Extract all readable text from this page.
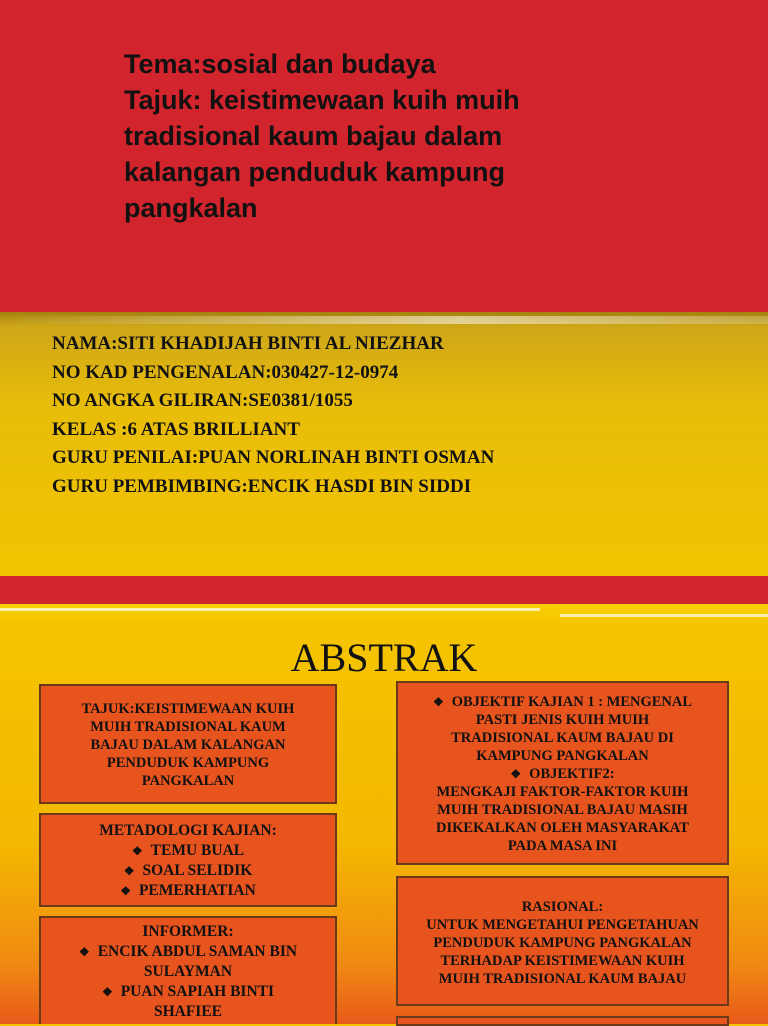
Tema:sosial dan budaya
Tajuk: keistimewaan kuih muih
tradisional kaum bajau dalam
kalangan penduduk kampung
pangkalan
NAMA:SITI KHADIJAH BINTI AL NIEZHAR
NO KAD PENGENALAN:030427-12-0974
NO ANGKA GILIRAN:SE0381/1055
KELAS :6 ATAS BRILLIANT
GURU PENILAI:PUAN NORLINAH BINTI OSMAN
GURU PEMBIMBING:ENCIK HASDI BIN SIDDI
ABSTRAK

TAJUK:KEISTIMEWAAN KUIH

MUIH TRADISIONAL KAUM

BAJAU DALAM KALANGAN

PENDUDUK KAMPUNG

PANGKALAN

METADOLOGI KAJIAN:

❖ TEMU BUAL
❖ SOAL SELIDIK
❖ PEMERHATIAN

INFORMER:

❖ ENCIK ABDUL SAMAN BIN
SULAYMAN
❖ PUAN SAPIAH BINTI
SHAFIEE
❖ OBJEKTIF KAJIAN 1 : MENGENAL

PASTI JENIS KUIH MUIH

TRADISIONAL KAUM BAJAU DI

KAMPUNG PANGKALAN

❖ OBJEKTIF2:

MENGKAJI FAKTOR-FAKTOR KUIH

MUIH TRADISIONAL BAJAU MASIH

DIKEKALKAN OLEH MASYARAKAT

PADA MASA INI

RASIONAL:

UNTUK MENGETAHUI PENGETAHUAN

PENDUDUK KAMPUNG PANGKALAN

TERHADAP KEISTIMEWAAN KUIH

MUIH TRADISIONAL KAUM BAJAU
